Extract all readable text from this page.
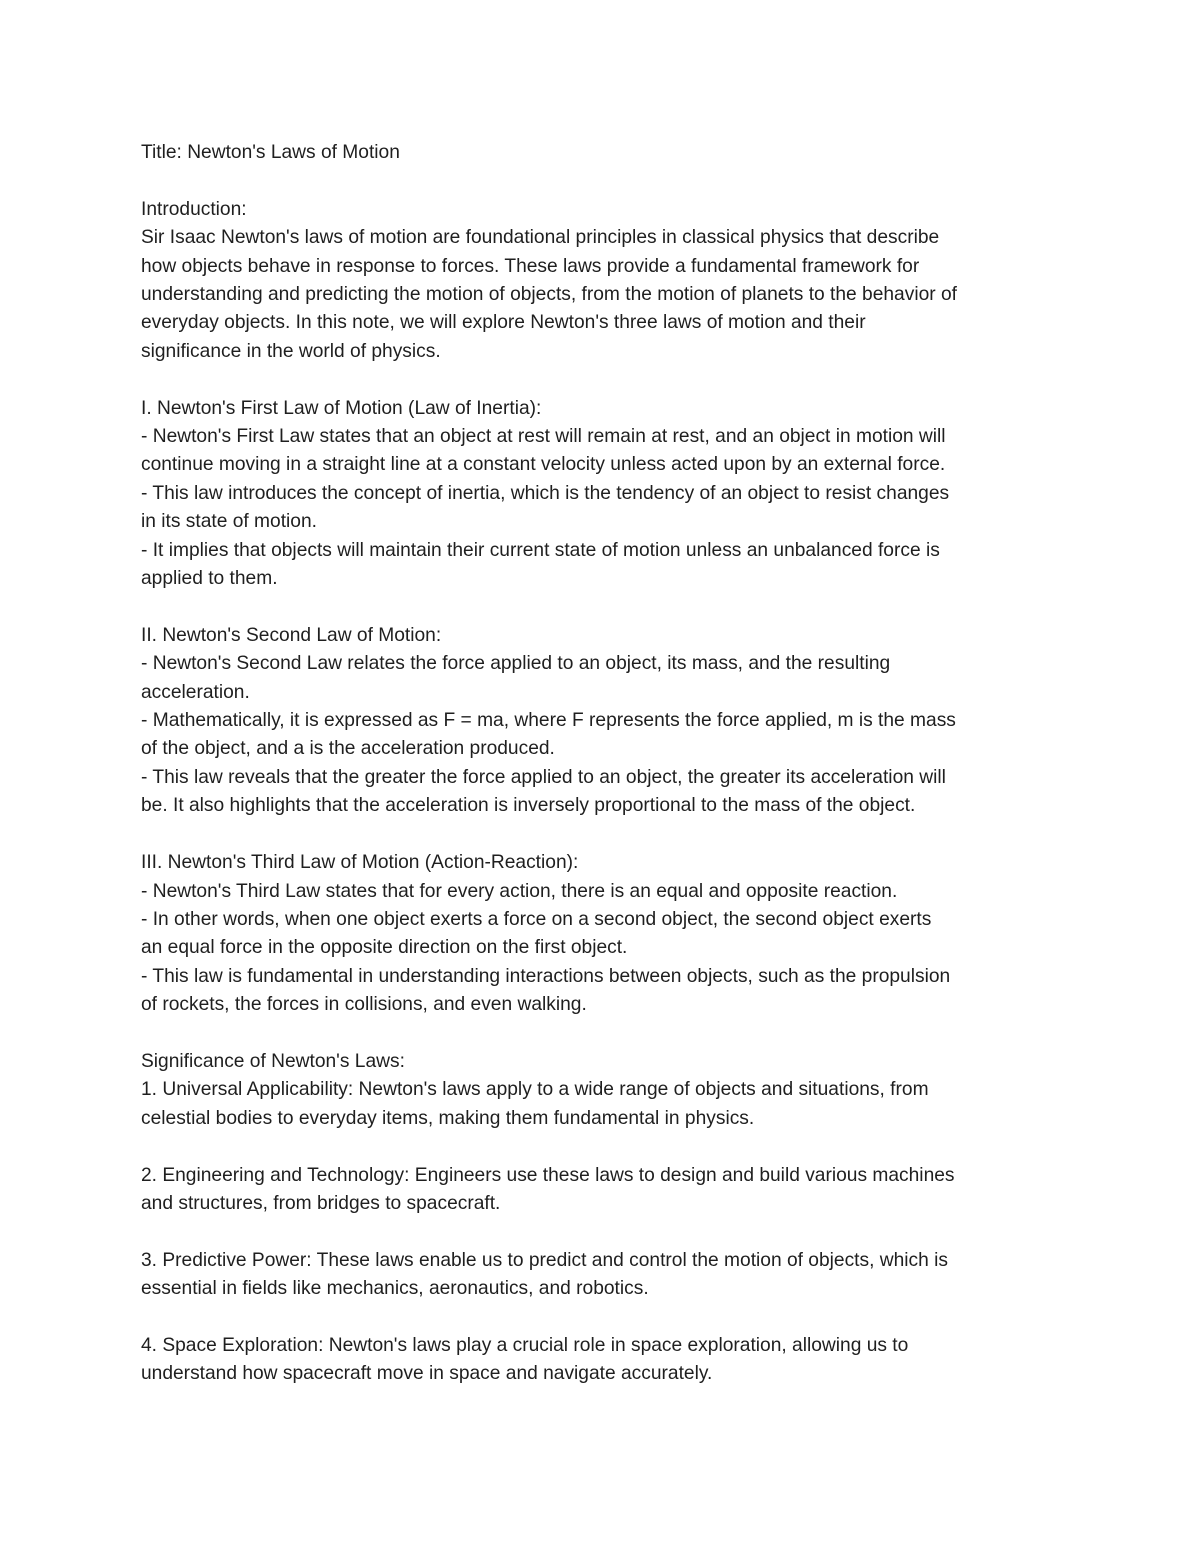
Title: Newton's Laws of Motion
Introduction:
Sir Isaac Newton's laws of motion are foundational principles in classical physics that describe
how objects behave in response to forces. These laws provide a fundamental framework for
understanding and predicting the motion of objects, from the motion of planets to the behavior of
everyday objects. In this note, we will explore Newton's three laws of motion and their
significance in the world of physics.
I. Newton's First Law of Motion (Law of Inertia):
- Newton's First Law states that an object at rest will remain at rest, and an object in motion will
continue moving in a straight line at a constant velocity unless acted upon by an external force.
- This law introduces the concept of inertia, which is the tendency of an object to resist changes
in its state of motion.
- It implies that objects will maintain their current state of motion unless an unbalanced force is
applied to them.
II. Newton's Second Law of Motion:
- Newton's Second Law relates the force applied to an object, its mass, and the resulting
acceleration.
- Mathematically, it is expressed as F = ma, where F represents the force applied, m is the mass
of the object, and a is the acceleration produced.
- This law reveals that the greater the force applied to an object, the greater its acceleration will
be. It also highlights that the acceleration is inversely proportional to the mass of the object.
III. Newton's Third Law of Motion (Action-Reaction):
- Newton's Third Law states that for every action, there is an equal and opposite reaction.
- In other words, when one object exerts a force on a second object, the second object exerts
an equal force in the opposite direction on the first object.
- This law is fundamental in understanding interactions between objects, such as the propulsion
of rockets, the forces in collisions, and even walking.
Significance of Newton's Laws:
1. Universal Applicability: Newton's laws apply to a wide range of objects and situations, from
celestial bodies to everyday items, making them fundamental in physics.
2. Engineering and Technology: Engineers use these laws to design and build various machines
and structures, from bridges to spacecraft.
3. Predictive Power: These laws enable us to predict and control the motion of objects, which is
essential in fields like mechanics, aeronautics, and robotics.
4. Space Exploration: Newton's laws play a crucial role in space exploration, allowing us to
understand how spacecraft move in space and navigate accurately.
